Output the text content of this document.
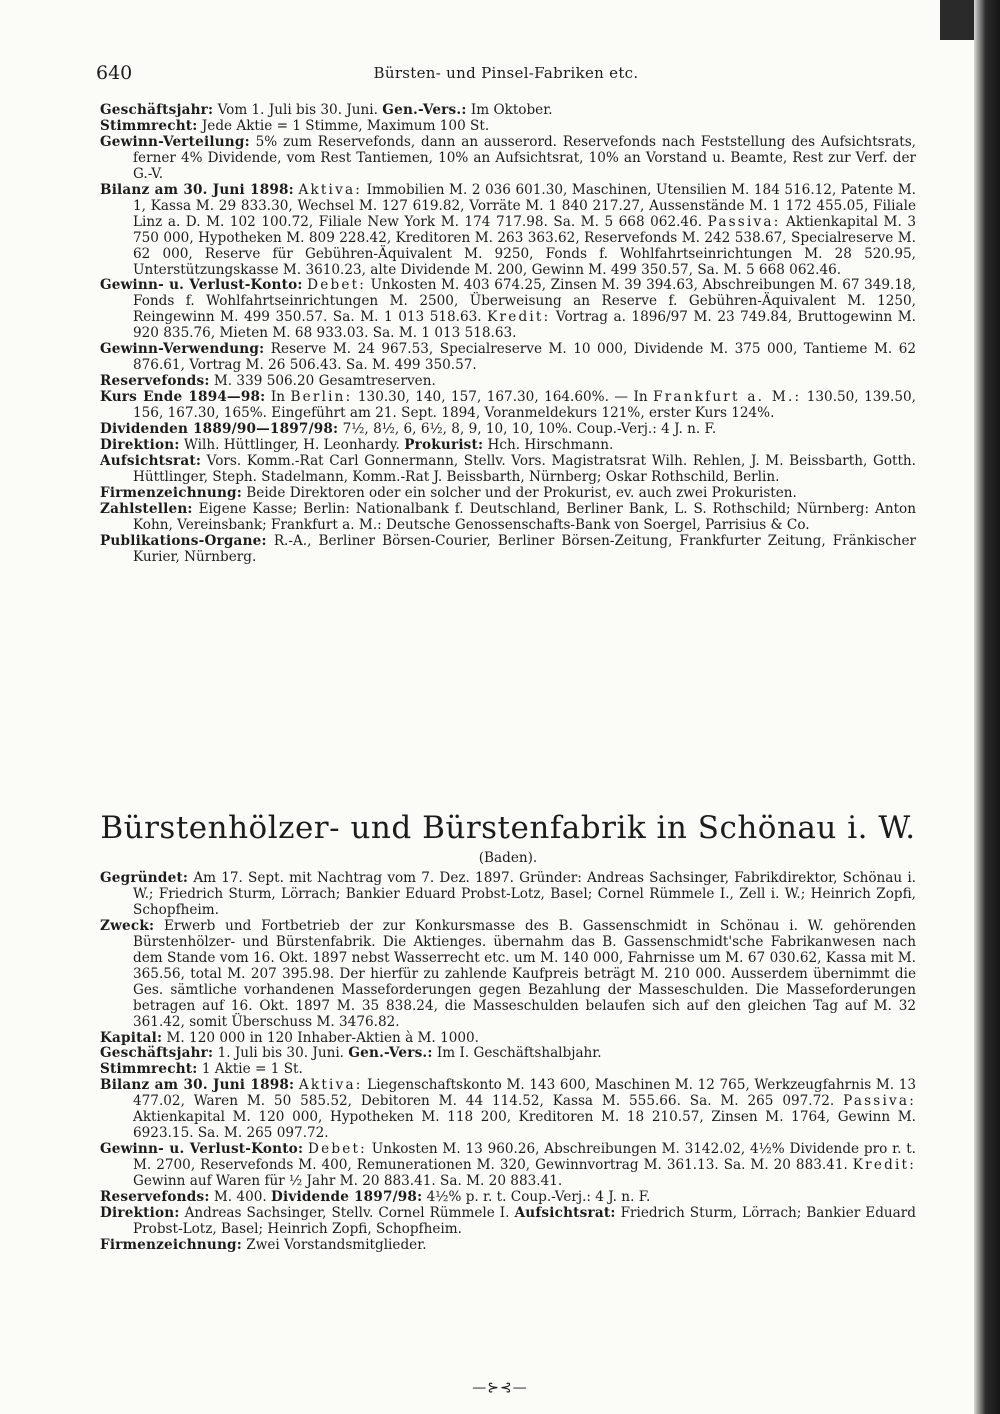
640	Bürsten- und Pinsel-Fabriken etc.

Geschäftsjahr: Vom 1. Juli bis 30. Juni. Gen.-Vers.: Im Oktober.

Stimmrecht: Jede Aktie = 1 Stimme, Maximum 100 St.

Gewinn-Verteilung: 5% zum Reservefonds, dann an ausserord. Reservefonds nach Feststellung des Aufsichtsrats, ferner 4% Dividende, vom Rest Tantiemen, 10% an Aufsichtsrat, 10% an Vorstand u. Beamte, Rest zur Verf. der G.-V.

Bilanz am 30. Juni 1898: Aktiva: Immobilien M. 2 036 601.30, Maschinen, Utensilien M. 184 516.12, Patente M. 1, Kassa M. 29 833.30, Wechsel M. 127 619.82, Vorräte M. 1 840 217.27, Aussenstände M. 1 172 455.05, Filiale Linz a. D. M. 102 100.72, Filiale New York M. 174 717.98. Sa. M. 5 668 062.46. Passiva: Aktienkapital M. 3 750 000, Hypotheken M. 809 228.42, Kreditoren M. 263 363.62, Reservefonds M. 242 538.67, Specialreserve M. 62 000, Reserve für Gebühren-Äquivalent M. 9250, Fonds f. Wohlfahrtseinrichtungen M. 28 520.95, Unterstützungskasse M. 3610.23, alte Dividende M. 200, Gewinn M. 499 350.57, Sa. M. 5 668 062.46.

Gewinn- u. Verlust-Konto: Debet: Unkosten M. 403 674.25, Zinsen M. 39 394.63, Abschreibungen M. 67 349.18, Fonds f. Wohlfahrtseinrichtungen M. 2500, Überweisung an Reserve f. Gebühren-Äquivalent M. 1250, Reingewinn M. 499 350.57. Sa. M. 1 013 518.63. Kredit: Vortrag a. 1896/97 M. 23 749.84, Bruttogewinn M. 920 835.76, Mieten M. 68 933.03. Sa. M. 1 013 518.63.

Gewinn-Verwendung: Reserve M. 24 967.53, Specialreserve M. 10 000, Dividende M. 375 000, Tantieme M. 62 876.61, Vortrag M. 26 506.43. Sa. M. 499 350.57.

Reservefonds: M. 339 506.20 Gesamtreserven.

Kurs Ende 1894—98: In Berlin: 130.30, 140, 157, 167.30, 164.60%. — In Frankfurt a. M.: 130.50, 139.50, 156, 167.30, 165%. Eingeführt am 21. Sept. 1894, Voranmeldekurs 121%, erster Kurs 124%.

Dividenden 1889/90—1897/98: 7½, 8½, 6, 6½, 8, 9, 10, 10, 10%. Coup.-Verj.: 4 J. n. F.

Direktion: Wilh. Hüttlinger, H. Leonhardy. Prokurist: Hch. Hirschmann.

Aufsichtsrat: Vors. Komm.-Rat Carl Gonnermann, Stellv. Vors. Magistratsrat Wilh. Rehlen, J. M. Beissbarth, Gotth. Hüttlinger, Steph. Stadelmann, Komm.-Rat J. Beissbarth, Nürnberg; Oskar Rothschild, Berlin.

Firmenzeichnung: Beide Direktoren oder ein solcher und der Prokurist, ev. auch zwei Prokuristen.

Zahlstellen: Eigene Kasse; Berlin: Nationalbank f. Deutschland, Berliner Bank, L. S. Rothschild; Nürnberg: Anton Kohn, Vereinsbank; Frankfurt a. M.: Deutsche Genossenschafts-Bank von Soergel, Parrisius & Co.

Publikations-Organe: R.-A., Berliner Börsen-Courier, Berliner Börsen-Zeitung, Frankfurter Zeitung, Fränkischer Kurier, Nürnberg.

Bürstenhölzer- und Bürstenfabrik in Schönau i. W.
(Baden).

Gegründet: Am 17. Sept. mit Nachtrag vom 7. Dez. 1897. Gründer: Andreas Sachsinger, Fabrikdirektor, Schönau i. W.; Friedrich Sturm, Lörrach; Bankier Eduard Probst-Lotz, Basel; Cornel Rümmele I., Zell i. W.; Heinrich Zopfi, Schopfheim.

Zweck: Erwerb und Fortbetrieb der zur Konkursmasse des B. Gassenschmidt in Schönau i. W. gehörenden Bürstenhölzer- und Bürstenfabrik. Die Aktienges. übernahm das B. Gassenschmidt'sche Fabrikanwesen nach dem Stande vom 16. Okt. 1897 nebst Wasserrecht etc. um M. 140 000, Fahrnisse um M. 67 030.62, Kassa mit M. 365.56, total M. 207 395.98. Der hierfür zu zahlende Kaufpreis beträgt M. 210 000. Ausserdem übernimmt die Ges. sämtliche vorhandenen Masseforderungen gegen Bezahlung der Masseschulden. Die Masseforderungen betragen auf 16. Okt. 1897 M. 35 838.24, die Masseschulden belaufen sich auf den gleichen Tag auf M. 32 361.42, somit Überschuss M. 3476.82.

Kapital: M. 120 000 in 120 Inhaber-Aktien à M. 1000.

Geschäftsjahr: 1. Juli bis 30. Juni. Gen.-Vers.: Im I. Geschäftshalbjahr.

Stimmrecht: 1 Aktie = 1 St.

Bilanz am 30. Juni 1898: Aktiva: Liegenschaftskonto M. 143 600, Maschinen M. 12 765, Werkzeugfahrnis M. 13 477.02, Waren M. 50 585.52, Debitoren M. 44 114.52, Kassa M. 555.66. Sa. M. 265 097.72. Passiva: Aktienkapital M. 120 000, Hypotheken M. 118 200, Kreditoren M. 18 210.57, Zinsen M. 1764, Gewinn M. 6923.15. Sa. M. 265 097.72.

Gewinn- u. Verlust-Konto: Debet: Unkosten M. 13 960.26, Abschreibungen M. 3142.02, 4½% Dividende pro r. t. M. 2700, Reservefonds M. 400, Remunerationen M. 320, Gewinnvortrag M. 361.13. Sa. M. 20 883.41. Kredit: Gewinn auf Waren für ½ Jahr M. 20 883.41. Sa. M. 20 883.41.

Reservefonds: M. 400. Dividende 1897/98: 4½% p. r. t. Coup.-Verj.: 4 J. n. F.

Direktion: Andreas Sachsinger, Stellv. Cornel Rümmele I. Aufsichtsrat: Friedrich Sturm, Lörrach; Bankier Eduard Probst-Lotz, Basel; Heinrich Zopfi, Schopfheim.

Firmenzeichnung: Zwei Vorstandsmitglieder.

—⊱⊰—
